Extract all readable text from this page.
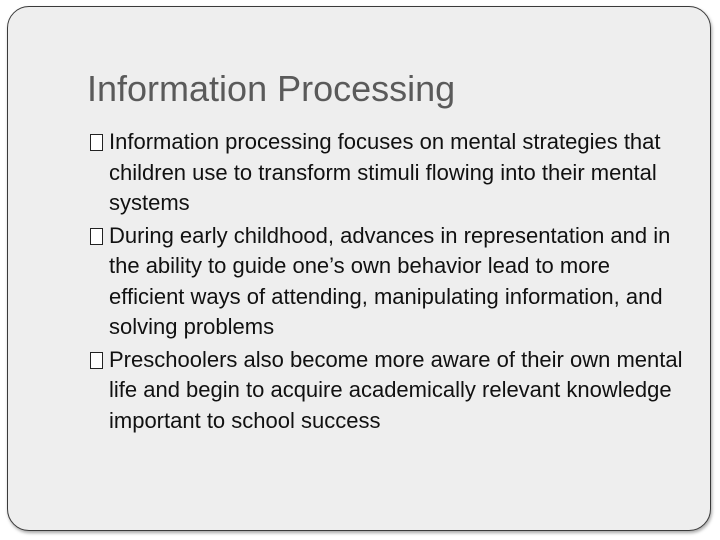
Information Processing
Information processing focuses on mental strategies that children use to transform stimuli flowing into their mental systems
During early childhood, advances in representation and in the ability to guide one’s own behavior lead to more efficient ways of attending, manipulating information, and solving problems
Preschoolers also become more aware of their own mental life and begin to acquire academically relevant knowledge important to school success
